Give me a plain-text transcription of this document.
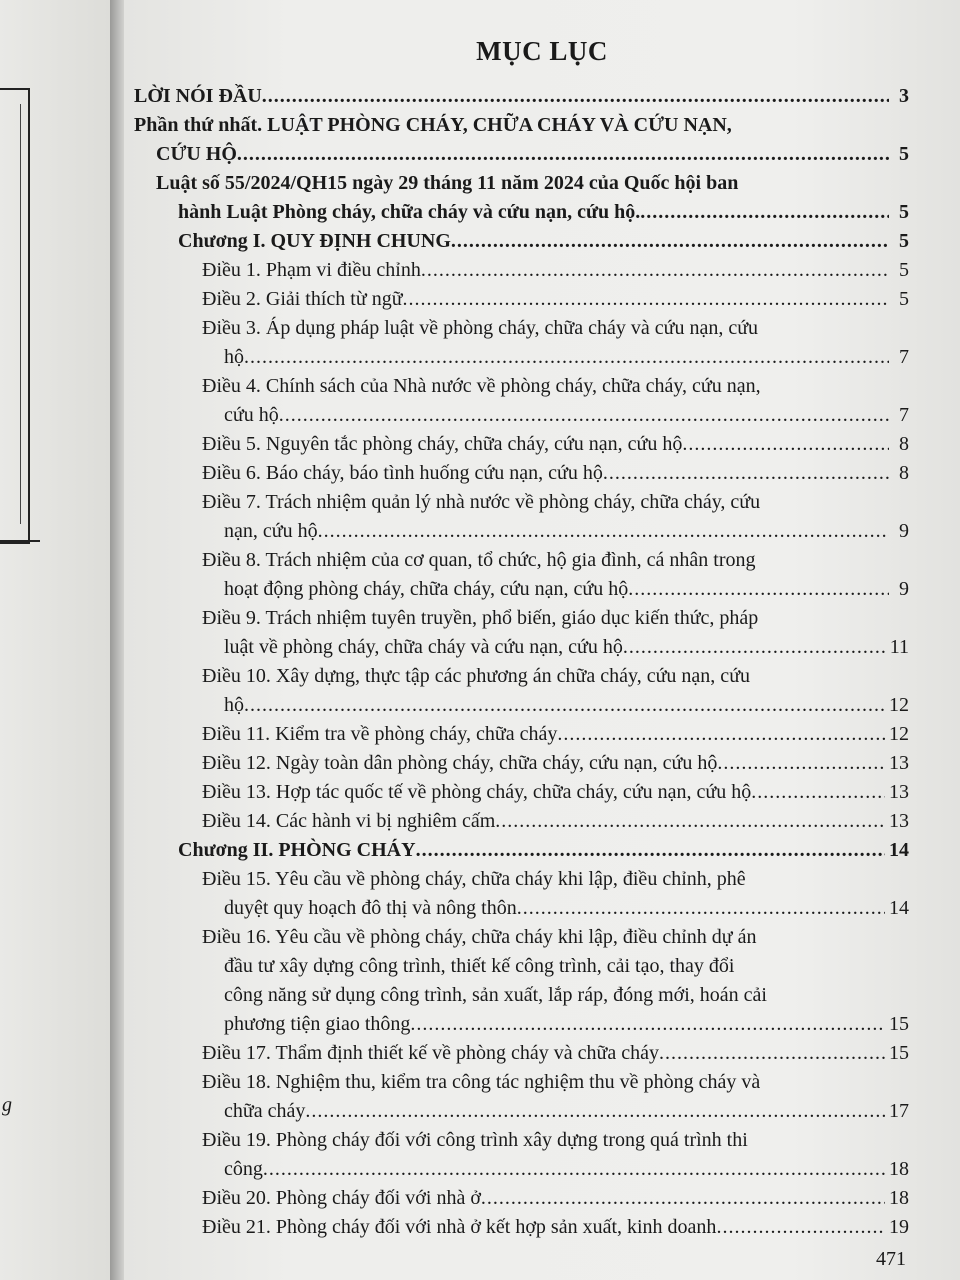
g
MỤC LỤC
LỜI NÓI ĐẦU .....	3
Phần thứ nhất. LUẬT PHÒNG CHÁY, CHỮA CHÁY VÀ CỨU NẠN,
CỨU HỘ .....	5
Luật số 55/2024/QH15 ngày 29 tháng 11 năm 2024 của Quốc hội ban
hành Luật Phòng cháy, chữa cháy và cứu nạn, cứu hộ. .....	5
Chương I. QUY ĐỊNH CHUNG .....	5
Điều 1. Phạm vi điều chỉnh .....	5
Điều 2. Giải thích từ ngữ .....	5
Điều 3. Áp dụng pháp luật về phòng cháy, chữa cháy và cứu nạn, cứu
hộ .....	7
Điều 4. Chính sách của Nhà nước về phòng cháy, chữa cháy, cứu nạn,
cứu hộ .....	7
Điều 5. Nguyên tắc phòng cháy, chữa cháy, cứu nạn, cứu hộ .....	8
Điều 6. Báo cháy, báo tình huống cứu nạn, cứu hộ .....	8
Điều 7. Trách nhiệm quản lý nhà nước về phòng cháy, chữa cháy, cứu
nạn, cứu hộ .....	9
Điều 8. Trách nhiệm của cơ quan, tổ chức, hộ gia đình, cá nhân trong
hoạt động phòng cháy, chữa cháy, cứu nạn, cứu hộ .....	9
Điều 9. Trách nhiệm tuyên truyền, phổ biến, giáo dục kiến thức, pháp
luật về phòng cháy, chữa cháy và cứu nạn, cứu hộ .....	11
Điều 10. Xây dựng, thực tập các phương án chữa cháy, cứu nạn, cứu
hộ .....	12
Điều 11. Kiểm tra về phòng cháy, chữa cháy .....	12
Điều 12. Ngày toàn dân phòng cháy, chữa cháy, cứu nạn, cứu hộ .....	13
Điều 13. Hợp tác quốc tế về phòng cháy, chữa cháy, cứu nạn, cứu hộ .....	13
Điều 14. Các hành vi bị nghiêm cấm .....	13
Chương II. PHÒNG CHÁY .....	14
Điều 15. Yêu cầu về phòng cháy, chữa cháy khi lập, điều chỉnh, phê
duyệt quy hoạch đô thị và nông thôn .....	14
Điều 16. Yêu cầu về phòng cháy, chữa cháy khi lập, điều chỉnh dự án
đầu tư xây dựng công trình, thiết kế công trình, cải tạo, thay đổi
công năng sử dụng công trình, sản xuất, lắp ráp, đóng mới, hoán cải
phương tiện giao thông .....	15
Điều 17. Thẩm định thiết kế về phòng cháy và chữa cháy .....	15
Điều 18. Nghiệm thu, kiểm tra công tác nghiệm thu về phòng cháy và
chữa cháy .....	17
Điều 19. Phòng cháy đối với công trình xây dựng trong quá trình thi
công .....	18
Điều 20. Phòng cháy đối với nhà ở .....	18
Điều 21. Phòng cháy đối với nhà ở kết hợp sản xuất, kinh doanh .....	19
471
